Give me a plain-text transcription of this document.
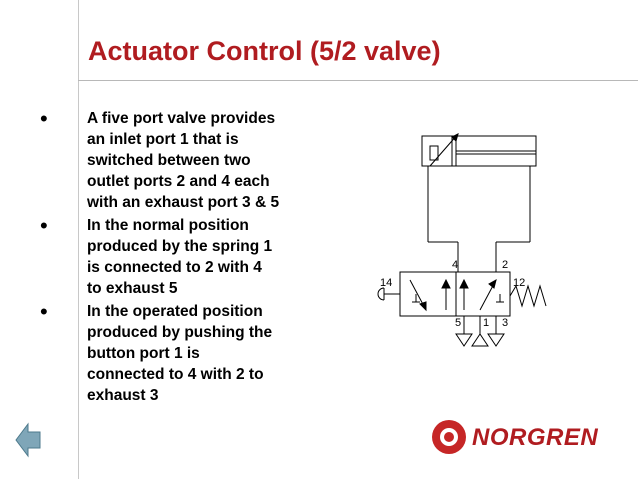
Actuator Control (5/2 valve)
•	A five port valve provides
an inlet port 1 that is
switched between two
outlet ports 2 and 4 each
with an exhaust port 3 & 5
•	In the normal position
produced by the spring 1
is connected to 2 with 4
to exhaust 5
•	In the operated position
produced by pushing the
button port 1 is
connected to 4 with 2 to
exhaust 3
4	2
14	12
5 1 3
NORGREN
